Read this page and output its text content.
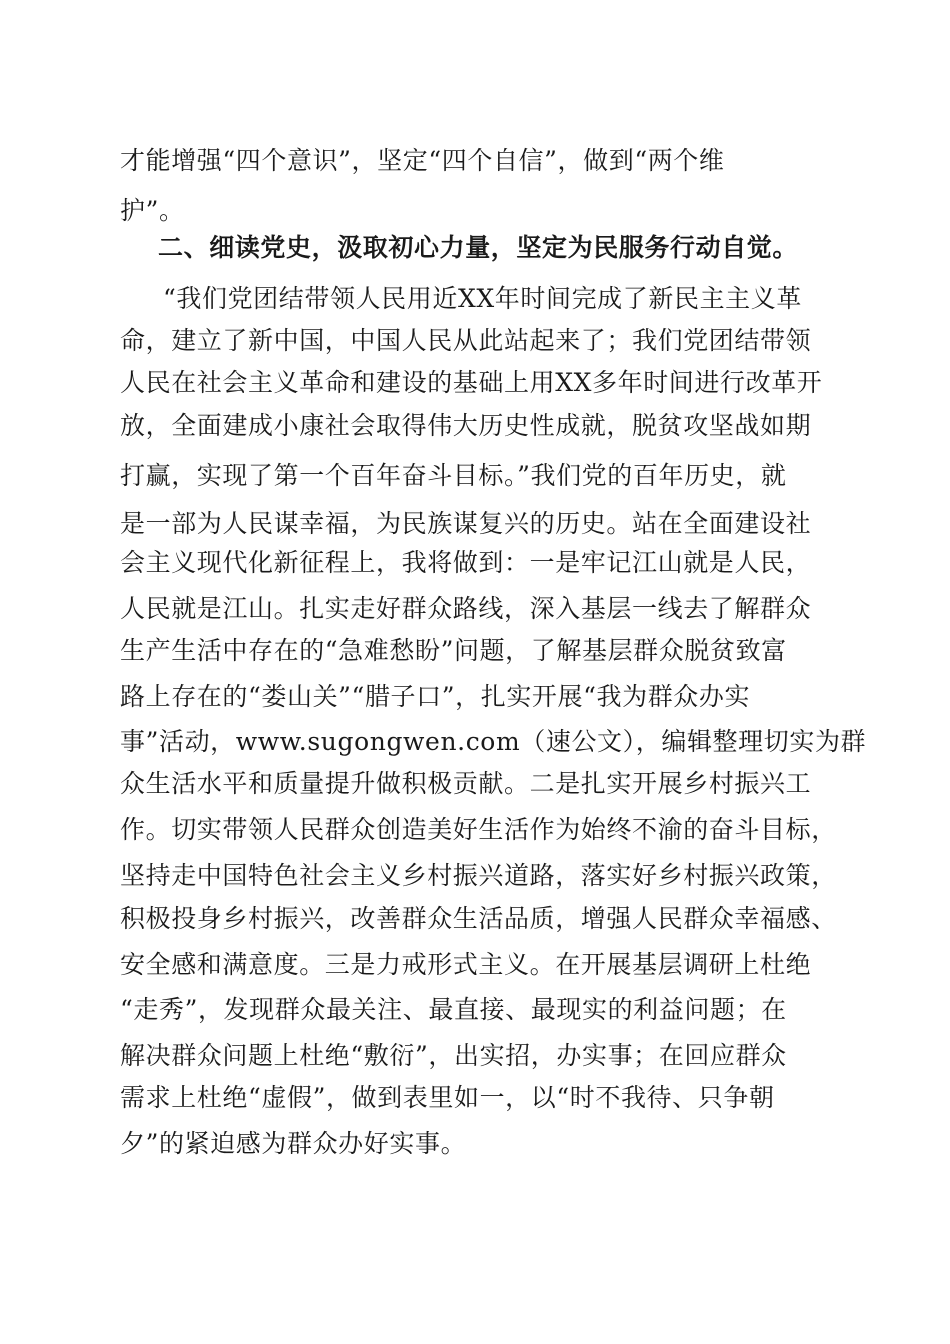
才能增强“四个意识”，坚定“四个自信”，做到“两个维
护”。
二、细读党史，汲取初心力量，坚定为民服务行动自觉。
“我们党团结带领人民用近XX年时间完成了新民主主义革
命，建立了新中国，中国人民从此站起来了；我们党团结带领
人民在社会主义革命和建设的基础上用XX多年时间进行改革开
放，全面建成小康社会取得伟大历史性成就，脱贫攻坚战如期
打赢，实现了第一个百年奋斗目标。”我们党的百年历史，就
是一部为人民谋幸福，为民族谋复兴的历史。站在全面建设社
会主义现代化新征程上，我将做到：一是牢记江山就是人民，
人民就是江山。扎实走好群众路线，深入基层一线去了解群众
生产生活中存在的“急难愁盼”问题，了解基层群众脱贫致富
路上存在的“娄山关”“腊子口”，扎实开展“我为群众办实
事”活动，www.sugongwen.com（速公文），编辑整理切实为群
众生活水平和质量提升做积极贡献。二是扎实开展乡村振兴工
作。切实带领人民群众创造美好生活作为始终不渝的奋斗目标，
坚持走中国特色社会主义乡村振兴道路，落实好乡村振兴政策，
积极投身乡村振兴，改善群众生活品质，增强人民群众幸福感、
安全感和满意度。三是力戒形式主义。在开展基层调研上杜绝
“走秀”，发现群众最关注、最直接、最现实的利益问题；在
解决群众问题上杜绝“敷衍”，出实招，办实事；在回应群众
需求上杜绝“虚假”，做到表里如一，以“时不我待、只争朝
夕”的紧迫感为群众办好实事。
